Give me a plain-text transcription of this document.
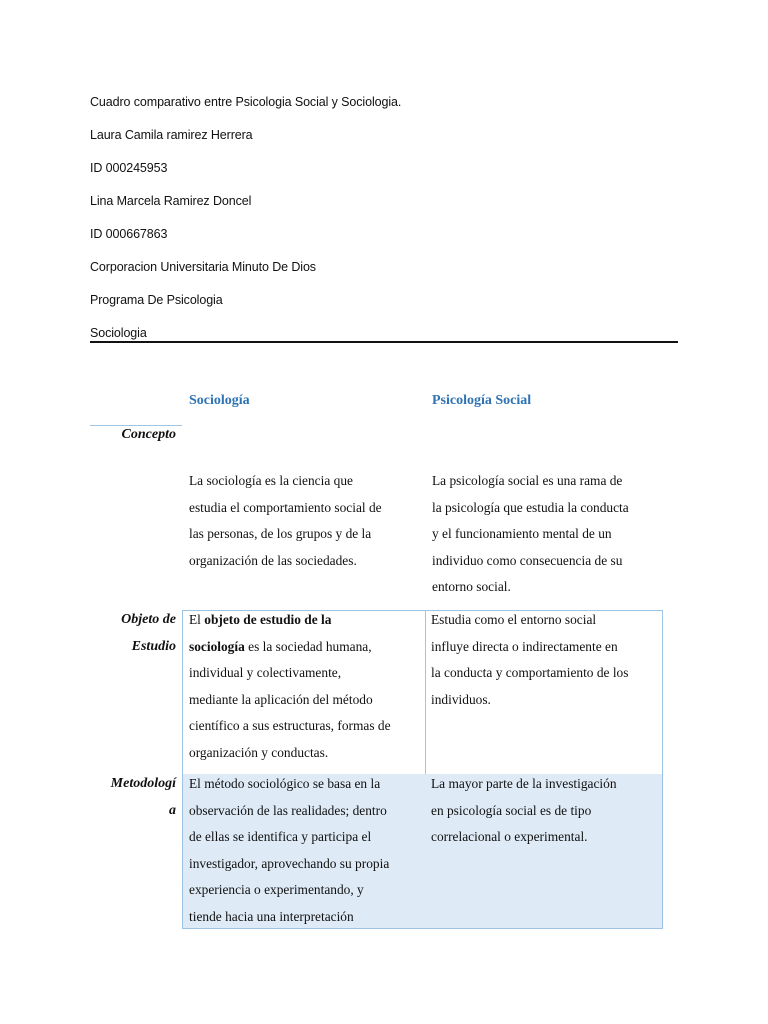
Cuadro comparativo entre Psicologia Social y Sociologia.
Laura Camila ramirez Herrera
ID 000245953
Lina Marcela Ramirez Doncel
ID 000667863
Corporacion Universitaria Minuto De Dios
Programa De Psicologia
Sociologia
Sociología	Psicología Social
Concepto
La sociología es la ciencia que
estudia el comportamiento social de
las personas, de los grupos y de la
organización de las sociedades.
La psicología social es una rama de
la psicología que estudia la conducta
y el funcionamiento mental de un
individuo como consecuencia de su
entorno social.
Objeto de
Estudio
El objeto de estudio de la
sociología es la sociedad humana,
individual y colectivamente,
mediante la aplicación del método
científico a sus estructuras, formas de
organización y conductas.
Estudia como el entorno social
influye directa o indirectamente en
la conducta y comportamiento de los
individuos.
Metodologí
a
El método sociológico se basa en la
observación de las realidades; dentro
de ellas se identifica y participa el
investigador, aprovechando su propia
experiencia o experimentando, y
tiende hacia una interpretación
La mayor parte de la investigación
en psicología social es de tipo
correlacional o experimental.
